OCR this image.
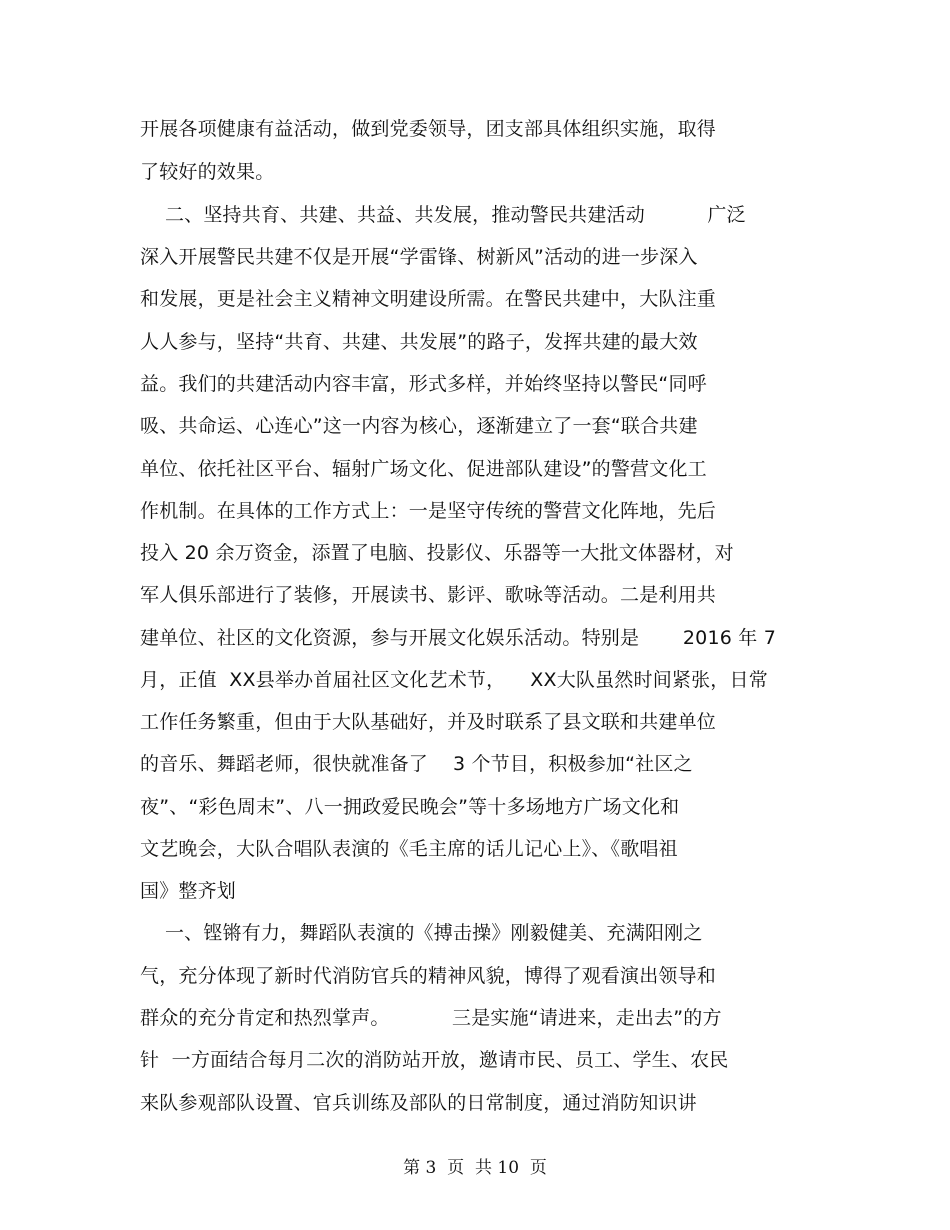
开展各项健康有益活动，做到党委领导，团支部具体组织实施，取得
了较好的效果。
二、坚持共育、共建、共益、共发展，推动警民共建活动          广泛
深入开展警民共建不仅是开展“学雷锋、树新风”活动的进一步深入
和发展，更是社会主义精神文明建设所需。在警民共建中，大队注重
人人参与，坚持“共育、共建、共发展”的路子，发挥共建的最大效
益。我们的共建活动内容丰富，形式多样，并始终坚持以警民“同呼
吸、共命运、心连心”这一内容为核心，逐渐建立了一套“联合共建
单位、依托社区平台、辐射广场文化、促进部队建设”的警营文化工
作机制。在具体的工作方式上：一是坚守传统的警营文化阵地，先后
投入 20 余万资金，添置了电脑、投影仪、乐器等一大批文体器材，对
军人俱乐部进行了装修，开展读书、影评、歌咏等活动。二是利用共
建单位、社区的文化资源，参与开展文化娱乐活动。特别是       2016 年 7
月，正值  XX县举办首届社区文化艺术节，    XX大队虽然时间紧张，日常
工作任务繁重，但由于大队基础好，并及时联系了县文联和共建单位
的音乐、舞蹈老师，很快就准备了    3 个节目，积极参加“社区之
夜”、“彩色周末”、八一拥政爱民晚会”等十多场地方广场文化和
文艺晚会，大队合唱队表演的《毛主席的话儿记心上》、《歌唱祖
国》整齐划
一、铿锵有力，舞蹈队表演的《搏击操》刚毅健美、充满阳刚之
气，充分体现了新时代消防官兵的精神风貌，博得了观看演出领导和
群众的充分肯定和热烈掌声。          三是实施“请进来，走出去”的方
针  一方面结合每月二次的消防站开放，邀请市民、员工、学生、农民
来队参观部队设置、官兵训练及部队的日常制度，通过消防知识讲
第 3  页  共 10  页
